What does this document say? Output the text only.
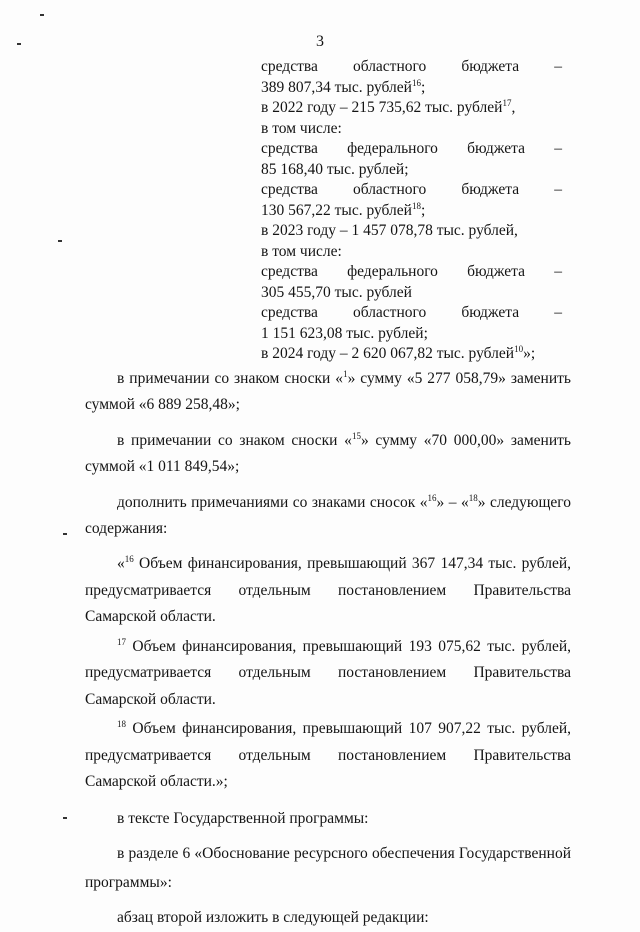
3
средства областного бюджета –
389 807,34 тыс. рублей$^{16}$;
в 2022 году – 215 735,62 тыс. рублей$^{17}$,
в том числе:
средства федерального бюджета –
85 168,40 тыс. рублей;
средства областного бюджета –
130 567,22 тыс. рублей$^{18}$;
в 2023 году – 1 457 078,78 тыс. рублей,
в том числе:
средства федерального бюджета –
305 455,70 тыс. рублей
средства областного бюджета –
1 151 623,08 тыс. рублей;
в 2024 году – 2 620 067,82 тыс. рублей$^{10}$»;
в примечании со знаком сноски «$^1$» сумму «5 277 058,79» заменить суммой «6 889 258,48»;
в примечании со знаком сноски «$^{15}$» сумму «70 000,00» заменить суммой «1 011 849,54»;
дополнить примечаниями со знаками сносок «$^{16}$» – «$^{18}$» следующего содержания:
«$^{16}$ Объем финансирования, превышающий 367 147,34 тыс. рублей, предусматривается отдельным постановлением Правительства Самарской области.
$^{17}$ Объем финансирования, превышающий 193 075,62 тыс. рублей, предусматривается отдельным постановлением Правительства Самарской области.
$^{18}$ Объем финансирования, превышающий 107 907,22 тыс. рублей, предусматривается отдельным постановлением Правительства Самарской области.»;
в тексте Государственной программы:
в разделе 6 «Обоснование ресурсного обеспечения Государственной программы»:
абзац второй изложить в следующей редакции:
